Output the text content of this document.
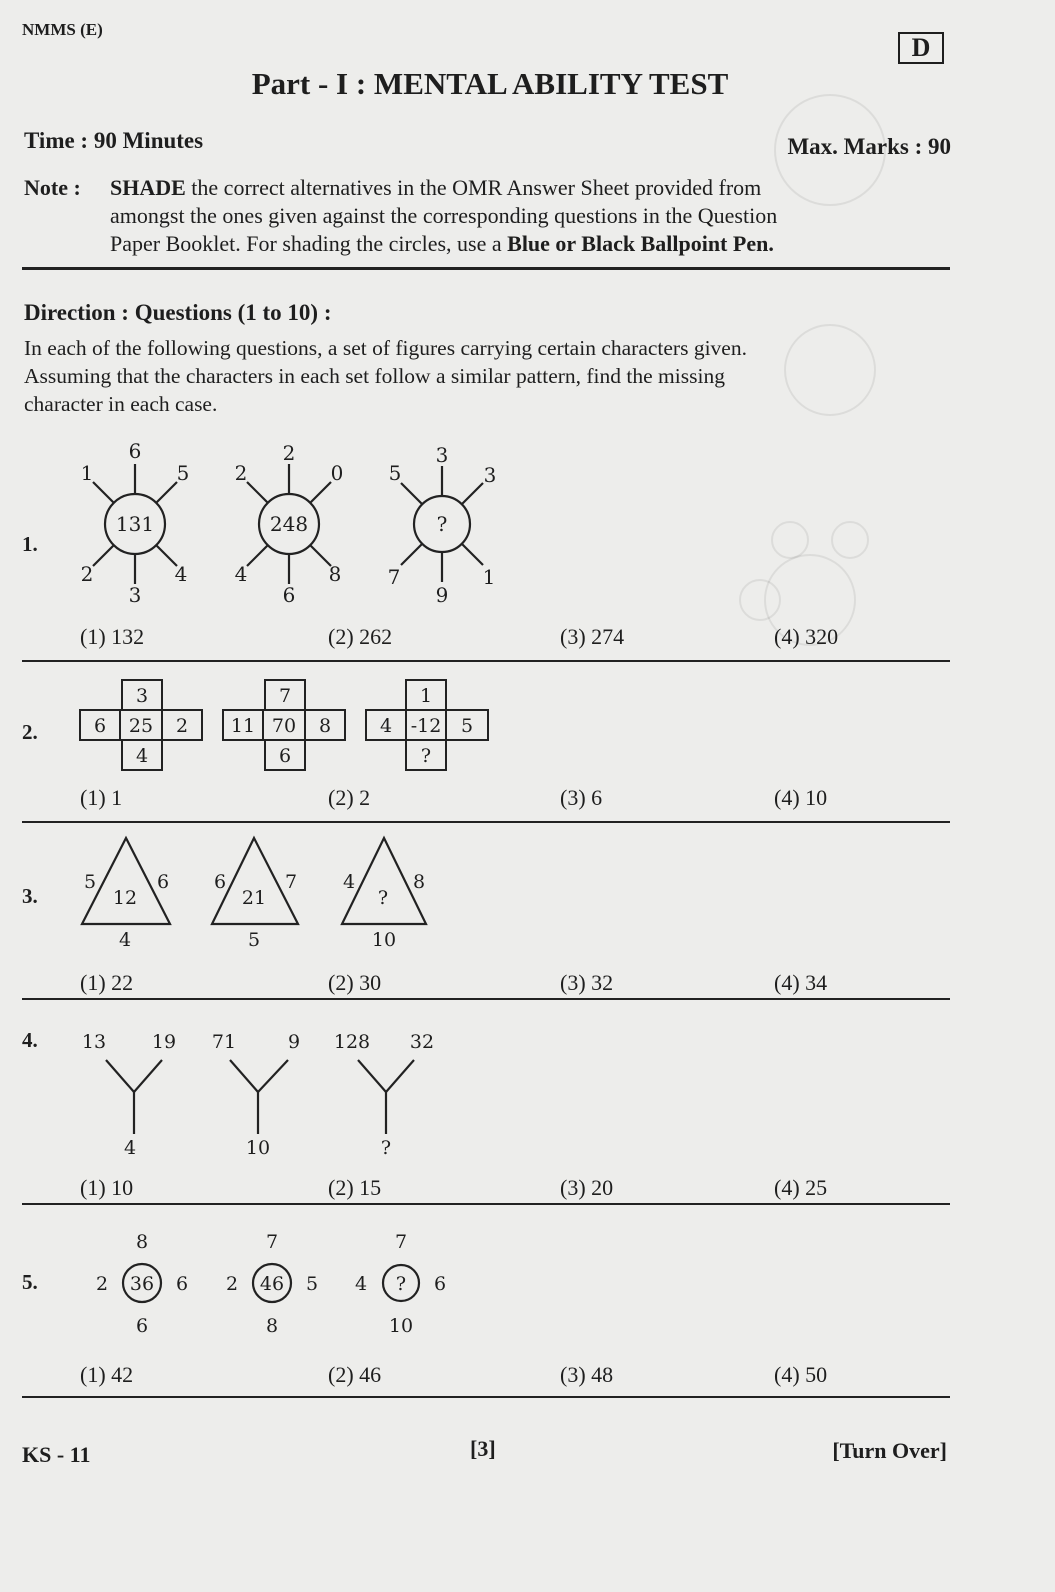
NMMS (E)
D
Part - I : MENTAL ABILITY TEST
Time : 90 Minutes	Max. Marks : 90
Note : SHADE the correct alternatives in the OMR Answer Sheet provided from
amongst the ones given against the corresponding questions in the Question
Paper Booklet. For shading the circles, use a Blue or Black Ballpoint Pen.
Direction : Questions (1 to 10) :
In each of the following questions, a set of figures carrying certain characters given.
Assuming that the characters in each set follow a similar pattern, find the missing
character in each case.
1.
131
6
1	5
2
3
4
248
2
2	0
4
6
8
?
3
5	3
7
9
1
(1) 132	(2) 262	(3) 274	(4) 320
2.
3
6 25 2
4
7
11 70 8
6
1
4 -12 5
?
(1) 1	(2) 2	(3) 6	(4) 10
3.
5	6
12
4
6	7
21
5
4	8
?
10
(1) 22	(2) 30	(3) 32	(4) 34
4. 13 19
4
71	9
10
128 32
?
(1) 10	(2) 15	(3) 20	(4) 25
5.
8
2 36 6
6
7
2 46 5
8
7
4 ? 6
10
(1) 42	(2) 46	(3) 48	(4) 50
KS - 11	[3]	[Turn Over]
